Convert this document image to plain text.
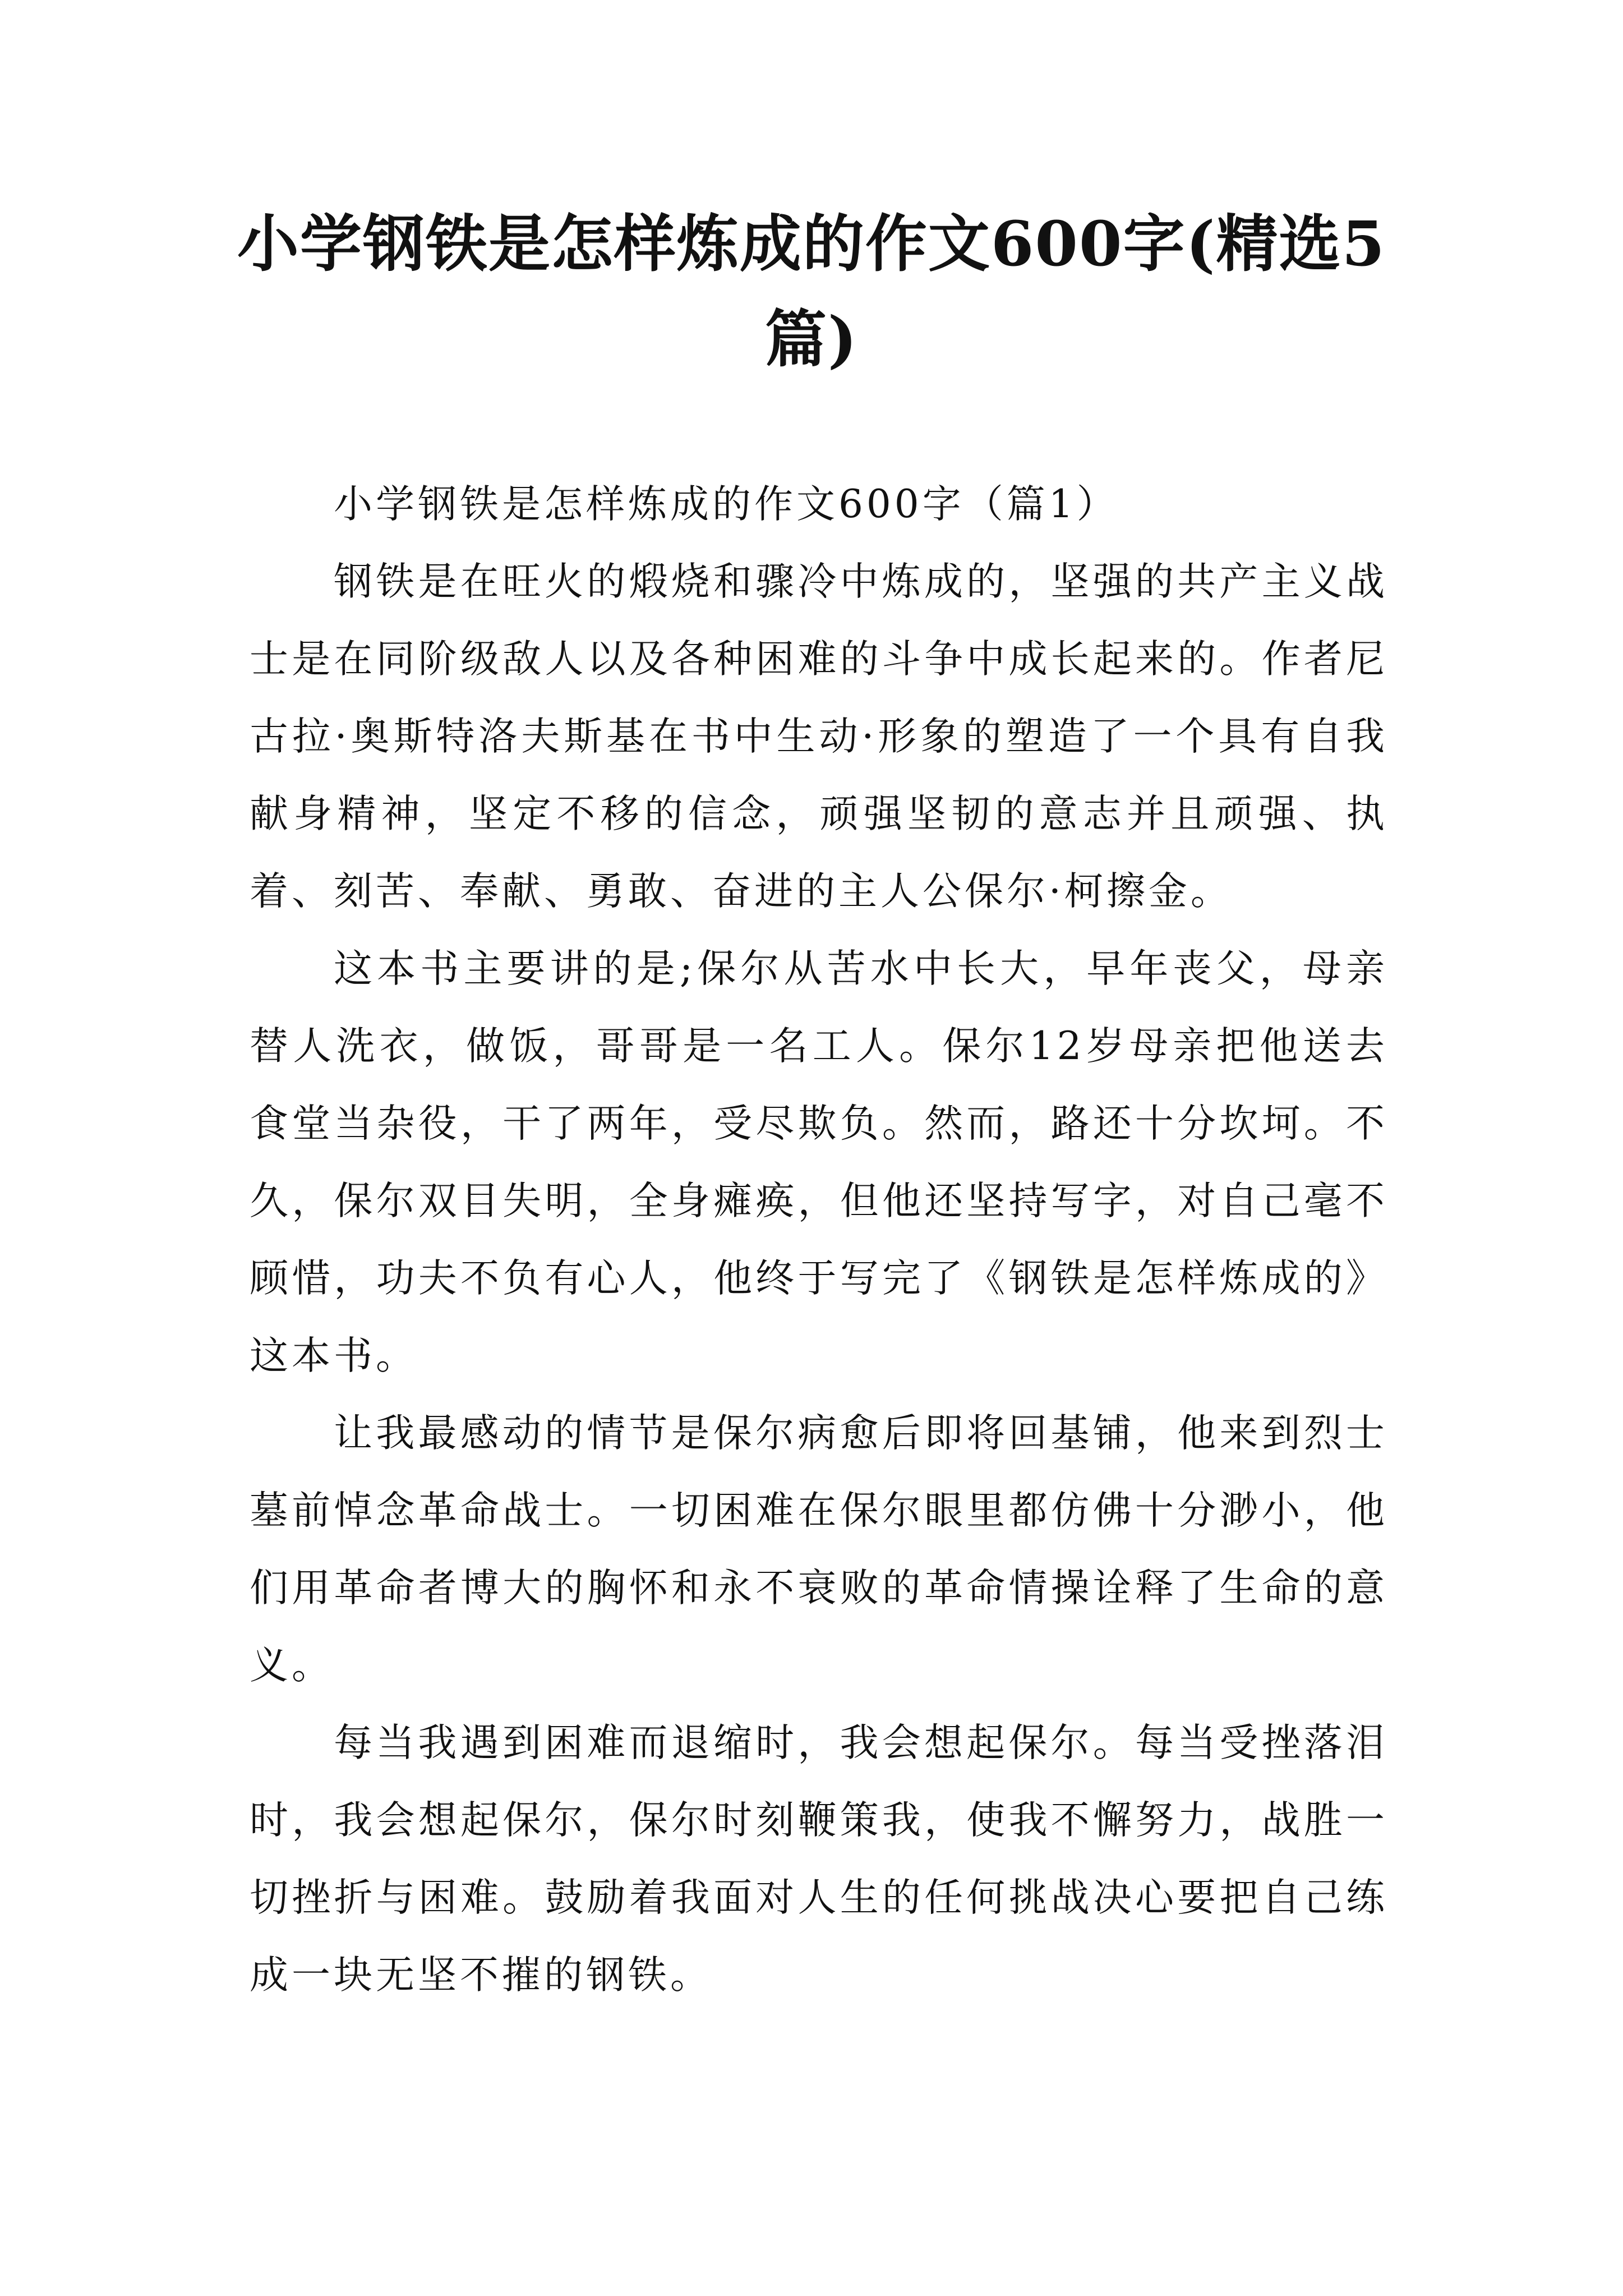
小学钢铁是怎样炼成的作文600字(精选5篇)

小学钢铁是怎样炼成的作文600字（篇1）

钢铁是在旺火的煅烧和骤冷中炼成的，坚强的共产主义战士是在同阶级敌人以及各种困难的斗争中成长起来的。作者尼古拉·奥斯特洛夫斯基在书中生动·形象的塑造了一个具有自我献身精神，坚定不移的信念，顽强坚韧的意志并且顽强、执着、刻苦、奉献、勇敢、奋进的主人公保尔·柯擦金。

这本书主要讲的是;保尔从苦水中长大，早年丧父，母亲替人洗衣，做饭，哥哥是一名工人。保尔12岁母亲把他送去食堂当杂役，干了两年，受尽欺负。然而，路还十分坎坷。不久，保尔双目失明，全身瘫痪，但他还坚持写字，对自己毫不顾惜，功夫不负有心人，他终于写完了《钢铁是怎样炼成的》这本书。

让我最感动的情节是保尔病愈后即将回基铺，他来到烈士墓前悼念革命战士。一切困难在保尔眼里都仿佛十分渺小，他们用革命者博大的胸怀和永不衰败的革命情操诠释了生命的意义。

每当我遇到困难而退缩时，我会想起保尔。每当受挫落泪时，我会想起保尔，保尔时刻鞭策我，使我不懈努力，战胜一切挫折与困难。鼓励着我面对人生的任何挑战决心要把自己练成一块无坚不摧的钢铁。
